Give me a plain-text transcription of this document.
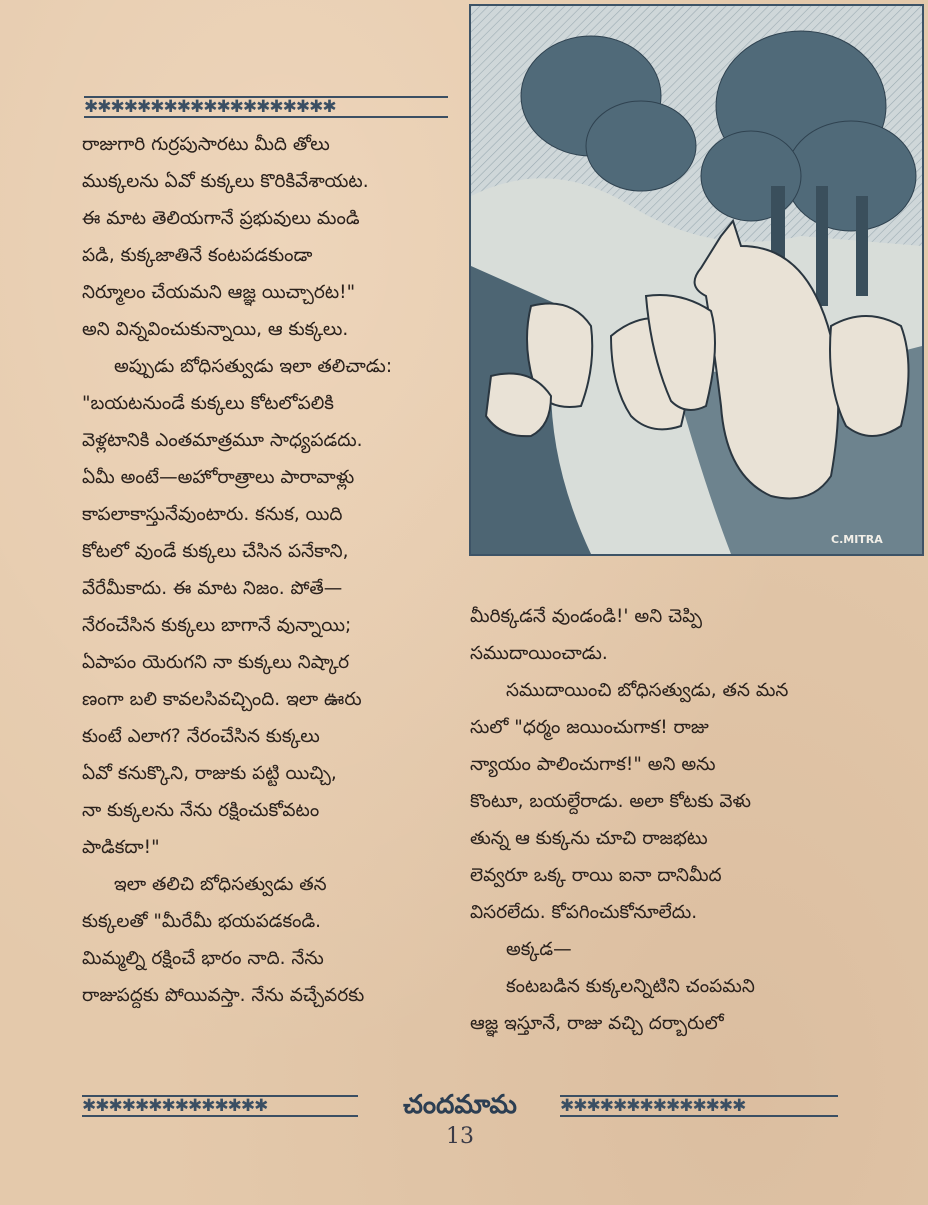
✱✱✱✱✱✱✱✱✱✱✱✱✱✱✱✱✱✱✱

రాజుగారి గుర్రపుసారటు మీది తోలు

ముక్కలను ఏవో కుక్కలు కొరికివేశాయట.

ఈ మాట తెలియగానే ప్రభువులు మండి

పడి, కుక్కజాతినే కంటపడకుండా

నిర్మూలం చేయమని ఆజ్ఞ యిచ్చారట!"

అని విన్నవించుకున్నాయి, ఆ కుక్కలు.

అప్పుడు బోధిసత్వుడు ఇలా తలిచాడు:

"బయటనుండే కుక్కలు కోటలోపలికి

వెళ్లటానికి ఎంతమాత్రమూ సాధ్యపడదు.

ఏమీ అంటే—అహోరాత్రాలు పారావాళ్లు

కాపలాకాస్తునేవుంటారు. కనుక, యిది

కోటలో వుండే కుక్కలు చేసిన పనేకాని,

వేరేమీకాదు. ఈ మాట నిజం. పోతే—

నేరంచేసిన కుక్కలు బాగానే వున్నాయి;

ఏపాపం యెరుగని నా కుక్కలు నిష్కార

ణంగా బలి కావలసివచ్చింది. ఇలా ఊరు

కుంటే ఎలాగ? నేరంచేసిన కుక్కలు

ఏవో కనుక్కొని, రాజుకు పట్టి యిచ్చి,

నా కుక్కలను నేను రక్షించుకోవటం

పాడికదా!"

ఇలా తలిచి బోధిసత్వుడు తన

కుక్కలతో "మీరేమీ భయపడకండి.

మిమ్మల్ని రక్షించే భారం నాది. నేను

రాజుపద్దకు పోయివస్తా. నేను వచ్చేవరకు

C.MITRA

మీరిక్కడనే వుండండి!' అని చెప్పి

సముదాయించాడు.

సముదాయించి బోధిసత్వుడు, తన మన

సులో "ధర్మం జయించుగాక! రాజు

న్యాయం పాలించుగాక!" అని అను

కొంటూ, బయల్దేరాడు. అలా కోటకు వెళు

తున్న ఆ కుక్కను చూచి రాజభటు

లెవ్వరూ ఒక్క రాయి ఐనా దానిమీద

విసరలేదు. కోపగించుకోనూలేదు.

అక్కడ—

కంటబడిన కుక్కలన్నిటిని చంపమని

ఆజ్ఞ ఇస్తూనే, రాజు వచ్చి దర్బారులో

✱✱✱✱✱✱✱✱✱✱✱✱✱✱	చందమామ	✱✱✱✱✱✱✱✱✱✱✱✱✱✱
13
